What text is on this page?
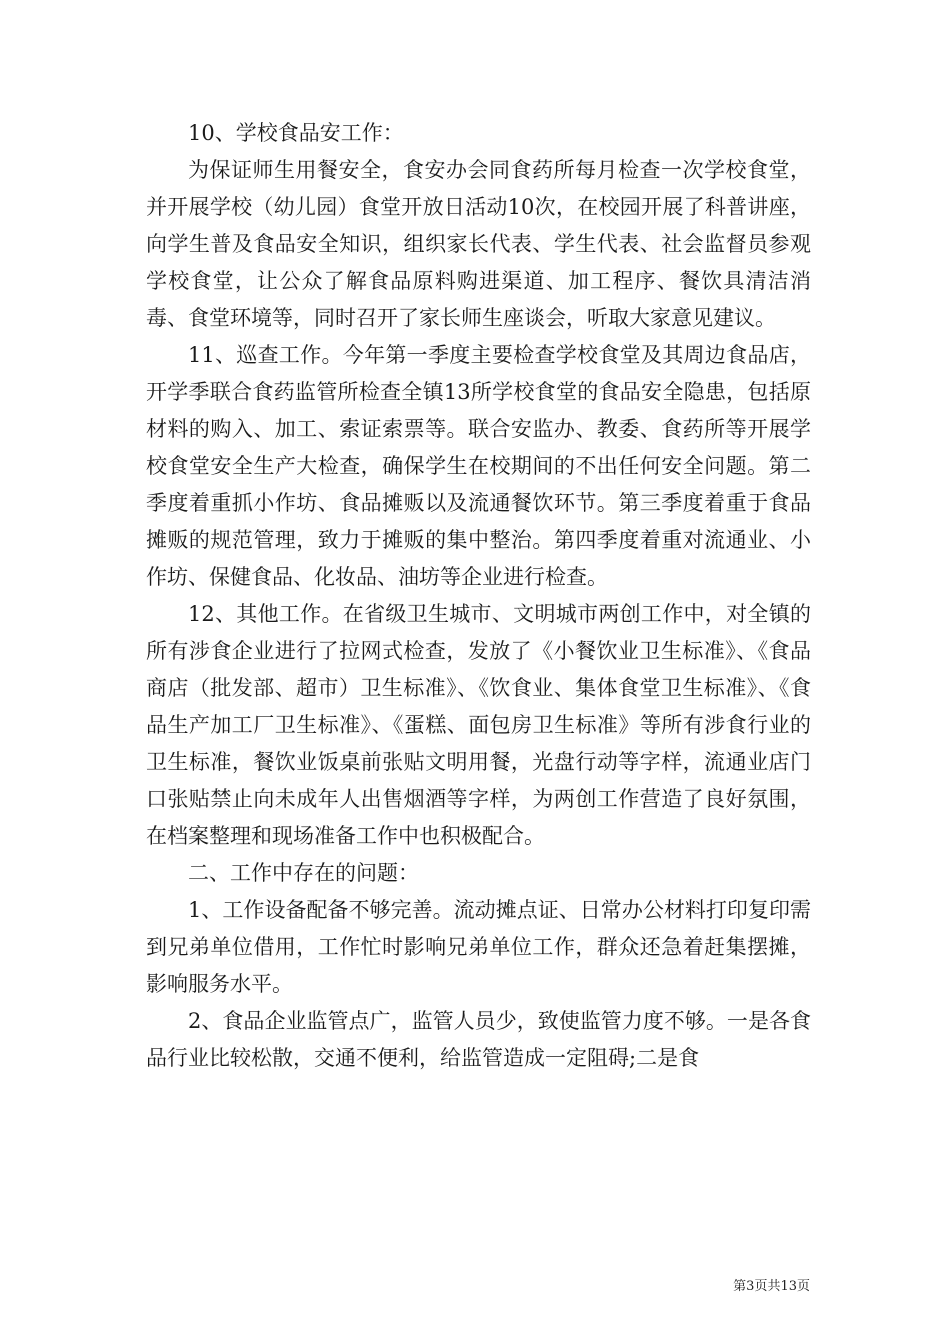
10、学校食品安工作：

为保证师生用餐安全，食安办会同食药所每月检查一次学校食堂，并开展学校（幼儿园）食堂开放日活动10次，在校园开展了科普讲座，向学生普及食品安全知识，组织家长代表、学生代表、社会监督员参观学校食堂，让公众了解食品原料购进渠道、加工程序、餐饮具清洁消毒、食堂环境等，同时召开了家长师生座谈会，听取大家意见建议。

11、巡查工作。今年第一季度主要检查学校食堂及其周边食品店，开学季联合食药监管所检查全镇13所学校食堂的食品安全隐患，包括原材料的购入、加工、索证索票等。联合安监办、教委、食药所等开展学校食堂安全生产大检查，确保学生在校期间的不出任何安全问题。第二季度着重抓小作坊、食品摊贩以及流通餐饮环节。第三季度着重于食品摊贩的规范管理，致力于摊贩的集中整治。第四季度着重对流通业、小作坊、保健食品、化妆品、油坊等企业进行检查。

12、其他工作。在省级卫生城市、文明城市两创工作中，对全镇的所有涉食企业进行了拉网式检查，发放了《小餐饮业卫生标准》、《食品商店（批发部、超市）卫生标准》、《饮食业、集体食堂卫生标准》、《食品生产加工厂卫生标准》、《蛋糕、面包房卫生标准》等所有涉食行业的卫生标准，餐饮业饭桌前张贴文明用餐，光盘行动等字样，流通业店门口张贴禁止向未成年人出售烟酒等字样，为两创工作营造了良好氛围，在档案整理和现场准备工作中也积极配合。

二、工作中存在的问题：

1、工作设备配备不够完善。流动摊点证、日常办公材料打印复印需到兄弟单位借用，工作忙时影响兄弟单位工作，群众还急着赶集摆摊，影响服务水平。

2、食品企业监管点广，监管人员少，致使监管力度不够。一是各食品行业比较松散，交通不便利，给监管造成一定阻碍;二是食

第3页共13页
